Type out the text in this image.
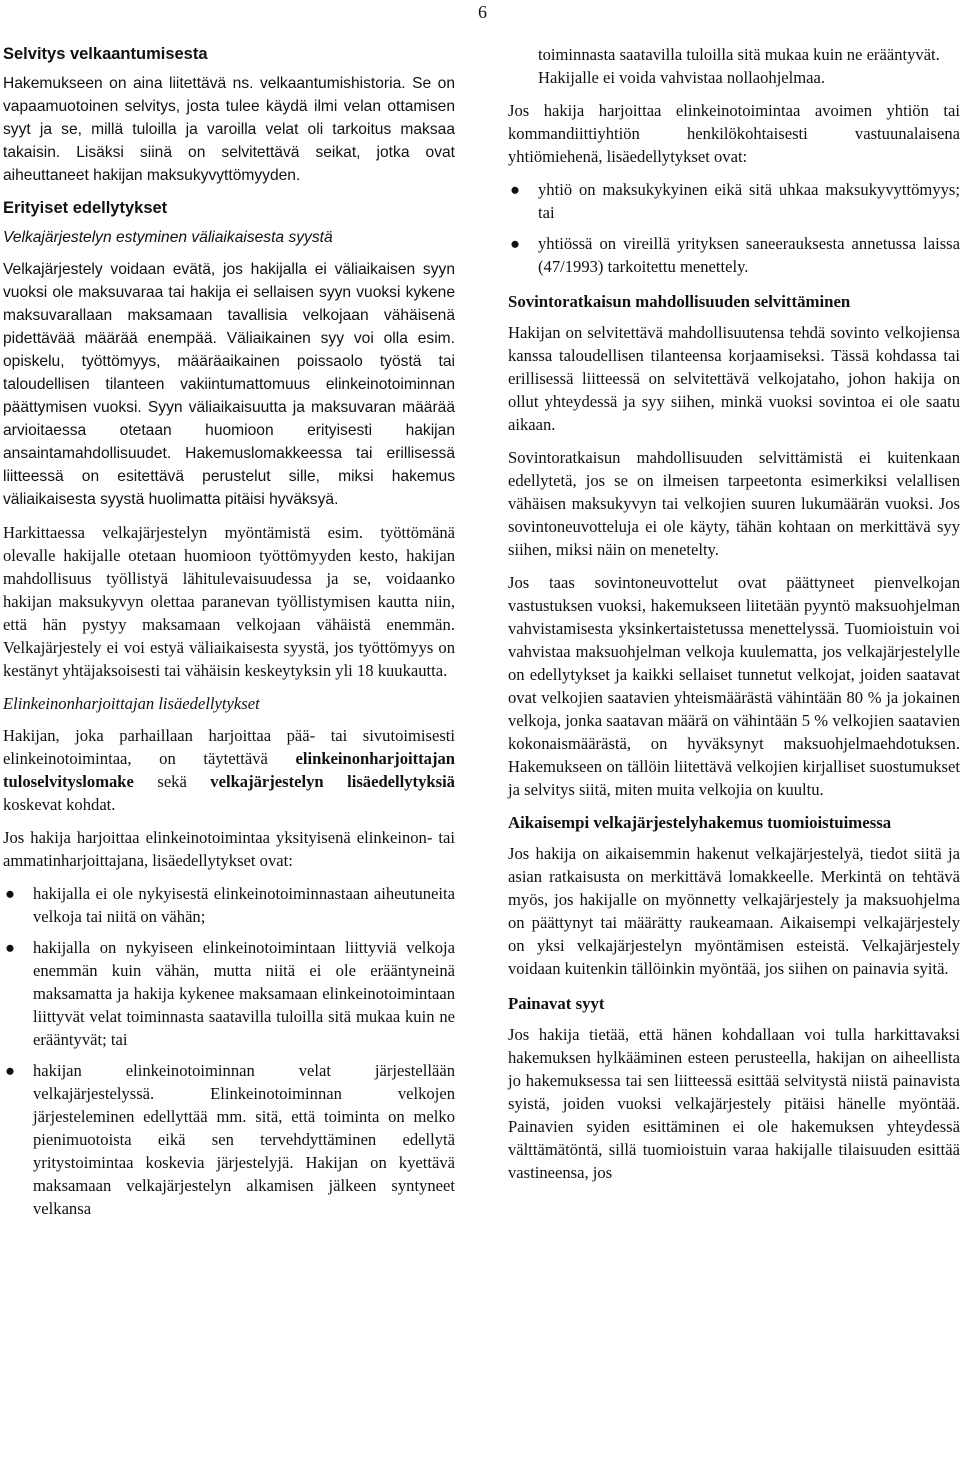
6
Selvitys velkaantumisesta

Hakemukseen on aina liitettävä ns. velkaantumishistoria. Se on vapaamuotoinen selvitys, josta tulee käydä ilmi velan ottamisen syyt ja se, millä tuloilla ja varoilla velat oli tarkoitus maksaa takaisin. Lisäksi siinä on selvitettävä seikat, jotka ovat aiheuttaneet hakijan maksukyvyttömyyden.

Erityiset edellytykset
Velkajärjestelyn estyminen väliaikaisesta syystä

Velkajärjestely voidaan evätä, jos hakijalla ei väliaikaisen syyn vuoksi ole maksuvaraa tai hakija ei sellaisen syyn vuoksi kykene maksuvarallaan maksamaan tavallisia velkojaan vähäisenä pidettävää määrää enempää. Väliaikainen syy voi olla esim. opiskelu, työttömyys, määräaikainen poissaolo työstä tai taloudellisen tilanteen vakiintumattomuus elinkeinotoiminnan päättymisen vuoksi. Syyn väliaikaisuutta ja maksuvaran määrää arvioitaessa otetaan huomioon erityisesti hakijan ansaintamahdollisuudet. Hakemuslomakkeessa tai erillisessä liitteessä on esitettävä perustelut sille, miksi hakemus väliaikaisesta syystä huolimatta pitäisi hyväksyä.

Harkittaessa velkajärjestelyn myöntämistä esim. työttömänä olevalle hakijalle otetaan huomioon työttömyyden kesto, hakijan mahdollisuus työllistyä lähitulevaisuudessa ja se, voidaanko hakijan maksukyvyn olettaa paranevan työllistymisen kautta niin, että hän pystyy maksamaan velkojaan vähäistä enemmän. Velkajärjestely ei voi estyä väliaikaisesta syystä, jos työttömyys on kestänyt yhtäjaksoisesti tai vähäisin keskeytyksin yli 18 kuukautta.

Elinkeinonharjoittajan lisäedellytykset

Hakijan, joka parhaillaan harjoittaa pää- tai sivutoimisesti elinkeinotoimintaa, on täytettävä elinkeinonharjoittajan tuloselvityslomake sekä velkajärjestelyn lisäedellytyksiä koskevat kohdat.

Jos hakija harjoittaa elinkeinotoimintaa yksityisenä elinkeinon- tai ammatinharjoittajana, lisäedellytykset ovat:

● hakijalla ei ole nykyisestä elinkeinotoiminnastaan aiheutuneita velkoja tai niitä on vähän;
● hakijalla on nykyiseen elinkeinotoimintaan liittyviä velkoja enemmän kuin vähän, mutta niitä ei ole erääntyneinä maksamatta ja hakija kykenee maksamaan elinkeinotoimintaan liittyvät velat toiminnasta saatavilla tuloilla sitä mukaa kuin ne erääntyvät; tai
● hakijan elinkeinotoiminnan velat järjestellään velkajärjestelyssä. Elinkeinotoiminnan velkojen järjesteleminen edellyttää mm. sitä, että toiminta on melko pienimuotoista eikä sen tervehdyttäminen edellytä yritystoimintaa koskevia järjestelyjä. Hakijan on kyettävä maksamaan velkajärjestelyn alkamisen jälkeen syntyneet velkansa

toiminnasta saatavilla tuloilla sitä mukaa kuin ne erääntyvät. Hakijalle ei voida vahvistaa nollaohjelmaa.

Jos hakija harjoittaa elinkeinotoimintaa avoimen yhtiön tai kommandiittiyhtiön henkilökohtaisesti vastuunalaisena yhtiömiehenä, lisäedellytykset ovat:

● yhtiö on maksukykyinen eikä sitä uhkaa maksukyvyttömyys; tai
● yhtiössä on vireillä yrityksen saneerauksesta annetussa laissa (47/1993) tarkoitettu menettely.
Sovintoratkaisun mahdollisuuden selvittäminen

Hakijan on selvitettävä mahdollisuutensa tehdä sovinto velkojiensa kanssa taloudellisen tilanteensa korjaamiseksi. Tässä kohdassa tai erillisessä liitteessä on selvitettävä velkojataho, johon hakija on ollut yhteydessä ja syy siihen, minkä vuoksi sovintoa ei ole saatu aikaan.

Sovintoratkaisun mahdollisuuden selvittämistä ei kuitenkaan edellytetä, jos se on ilmeisen tarpeetonta esimerkiksi velallisen vähäisen maksukyvyn tai velkojien suuren lukumäärän vuoksi. Jos sovintoneuvotteluja ei ole käyty, tähän kohtaan on merkittävä syy siihen, miksi näin on menetelty.

Jos taas sovintoneuvottelut ovat päättyneet pienvelkojan vastustuksen vuoksi, hakemukseen liitetään pyyntö maksuohjelman vahvistamisesta yksinkertaistetussa menettelyssä. Tuomioistuin voi vahvistaa maksuohjelman velkoja kuulematta, jos velkajärjestelylle on edellytykset ja kaikki sellaiset tunnetut velkojat, joiden saatavat ovat velkojien saatavien yhteismäärästä vähintään 80 % ja jokainen velkoja, jonka saatavan määrä on vähintään 5 % velkojien saatavien kokonaismäärästä, on hyväksynyt maksuohjelmaehdotuksen. Hakemukseen on tällöin liitettävä velkojien kirjalliset suostumukset ja selvitys siitä, miten muita velkojia on kuultu.

Aikaisempi velkajärjestelyhakemus tuomioistuimessa

Jos hakija on aikaisemmin hakenut velkajärjestelyä, tiedot siitä ja asian ratkaisusta on merkittävä lomakkeelle. Merkintä on tehtävä myös, jos hakijalle on myönnetty velkajärjestely ja maksuohjelma on päättynyt tai määrätty raukeamaan. Aikaisempi velkajärjestely on yksi velkajärjestelyn myöntämisen esteistä. Velkajärjestely voidaan kuitenkin tällöinkin myöntää, jos siihen on painavia syitä.

Painavat syyt

Jos hakija tietää, että hänen kohdallaan voi tulla harkittavaksi hakemuksen hylkääminen esteen perusteella, hakijan on aiheellista jo hakemuksessa tai sen liitteessä esittää selvitystä niistä painavista syistä, joiden vuoksi velkajärjestely pitäisi hänelle myöntää. Painavien syiden esittäminen ei ole hakemuksen yhteydessä välttämätöntä, sillä tuomioistuin varaa hakijalle tilaisuuden esittää vastineensa, jos
